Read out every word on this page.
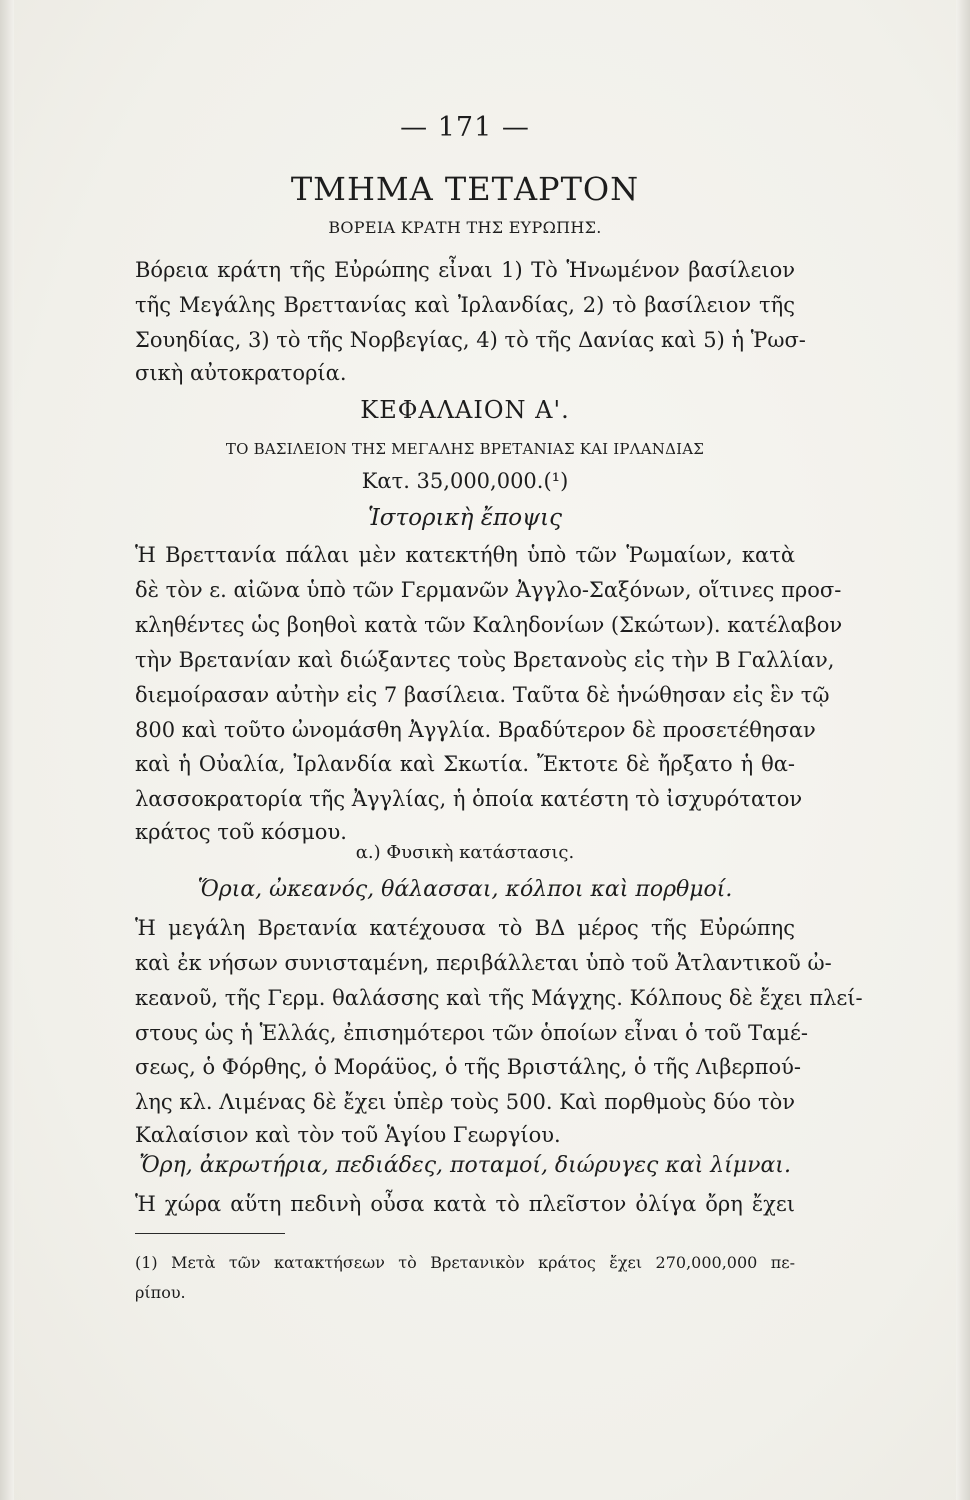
— 171 —
ΤΜΗΜΑ ΤΕΤΑΡΤΟΝ
ΒΟΡΕΙΑ ΚΡΑΤΗ ΤΗΣ ΕΥΡΩΠΗΣ.
Βόρεια κράτη τῆς Εὐρώπης εἶναι 1) Τὸ Ἡνωμένον βασίλειον
τῆς Μεγάλης Βρεττανίας καὶ Ἰρλανδίας, 2) τὸ βασίλειον τῆς
Σουηδίας, 3) τὸ τῆς Νορβεγίας, 4) τὸ τῆς Δανίας καὶ 5) ἡ Ῥωσ-
σικὴ αὐτοκρατορία.
ΚΕΦΑΛΑΙΟΝ Α'.
ΤΟ ΒΑΣΙΛΕΙΟΝ ΤΗΣ ΜΕΓΑΛΗΣ ΒΡΕΤΑΝΙΑΣ ΚΑΙ ΙΡΛΑΝΔΙΑΣ
Κατ. 35,000,000.(¹)
Ἱστορικὴ ἔποψις
Ἡ Βρεττανία πάλαι μὲν κατεκτήθη ὑπὸ τῶν Ῥωμαίων, κατὰ
δὲ τὸν ε. αἰῶνα ὑπὸ τῶν Γερμανῶν Ἀγγλο-Σαξόνων, οἵτινες προσ-
κληθέντες ὡς βοηθοὶ κατὰ τῶν Καληδονίων (Σκώτων). κατέλαβον
τὴν Βρετανίαν καὶ διώξαντες τοὺς Βρετανοὺς εἰς τὴν Β Γαλλίαν,
διεμοίρασαν αὐτὴν εἰς 7 βασίλεια. Ταῦτα δὲ ἡνώθησαν εἰς ἓν τῷ
800 καὶ τοῦτο ὠνομάσθη Ἀγγλία. Βραδύτερον δὲ προσετέθησαν
καὶ ἡ Οὐαλία, Ἰρλανδία καὶ Σκωτία. Ἔκτοτε δὲ ἤρξατο ἡ θα-
λασσοκρατορία τῆς Ἀγγλίας, ἡ ὁποία κατέστη τὸ ἰσχυρότατον
κράτος τοῦ κόσμου.
α.) Φυσικὴ κατάστασις.
Ὅρια, ὠκεανός, θάλασσαι, κόλποι καὶ πορθμοί.
Ἡ μεγάλη Βρετανία κατέχουσα τὸ ΒΔ μέρος τῆς Εὐρώπης
καὶ ἐκ νήσων συνισταμένη, περιβάλλεται ὑπὸ τοῦ Ἀτλαντικοῦ ὠ-
κεανοῦ, τῆς Γερμ. θαλάσσης καὶ τῆς Μάγχης. Κόλπους δὲ ἔχει πλεί-
στους ὡς ἡ Ἑλλάς, ἐπισημότεροι τῶν ὁποίων εἶναι ὁ τοῦ Ταμέ-
σεως, ὁ Φόρθης, ὁ Μοράϋος, ὁ τῆς Βριστάλης, ὁ τῆς Λιβερπού-
λης κλ. Λιμένας δὲ ἔχει ὑπὲρ τοὺς 500. Καὶ πορθμοὺς δύο τὸν
Καλαίσιον καὶ τὸν τοῦ Ἁγίου Γεωργίου.
Ὄρη, ἀκρωτήρια, πεδιάδες, ποταμοί, διώρυγες καὶ λίμναι.
Ἡ χώρα αὕτη πεδινὴ οὖσα κατὰ τὸ πλεῖστον ὀλίγα ὄρη ἔχει
(1) Μετὰ τῶν κατακτήσεων τὸ Βρετανικὸν κράτος ἔχει 270,000,000 πε-
ρίπου.
